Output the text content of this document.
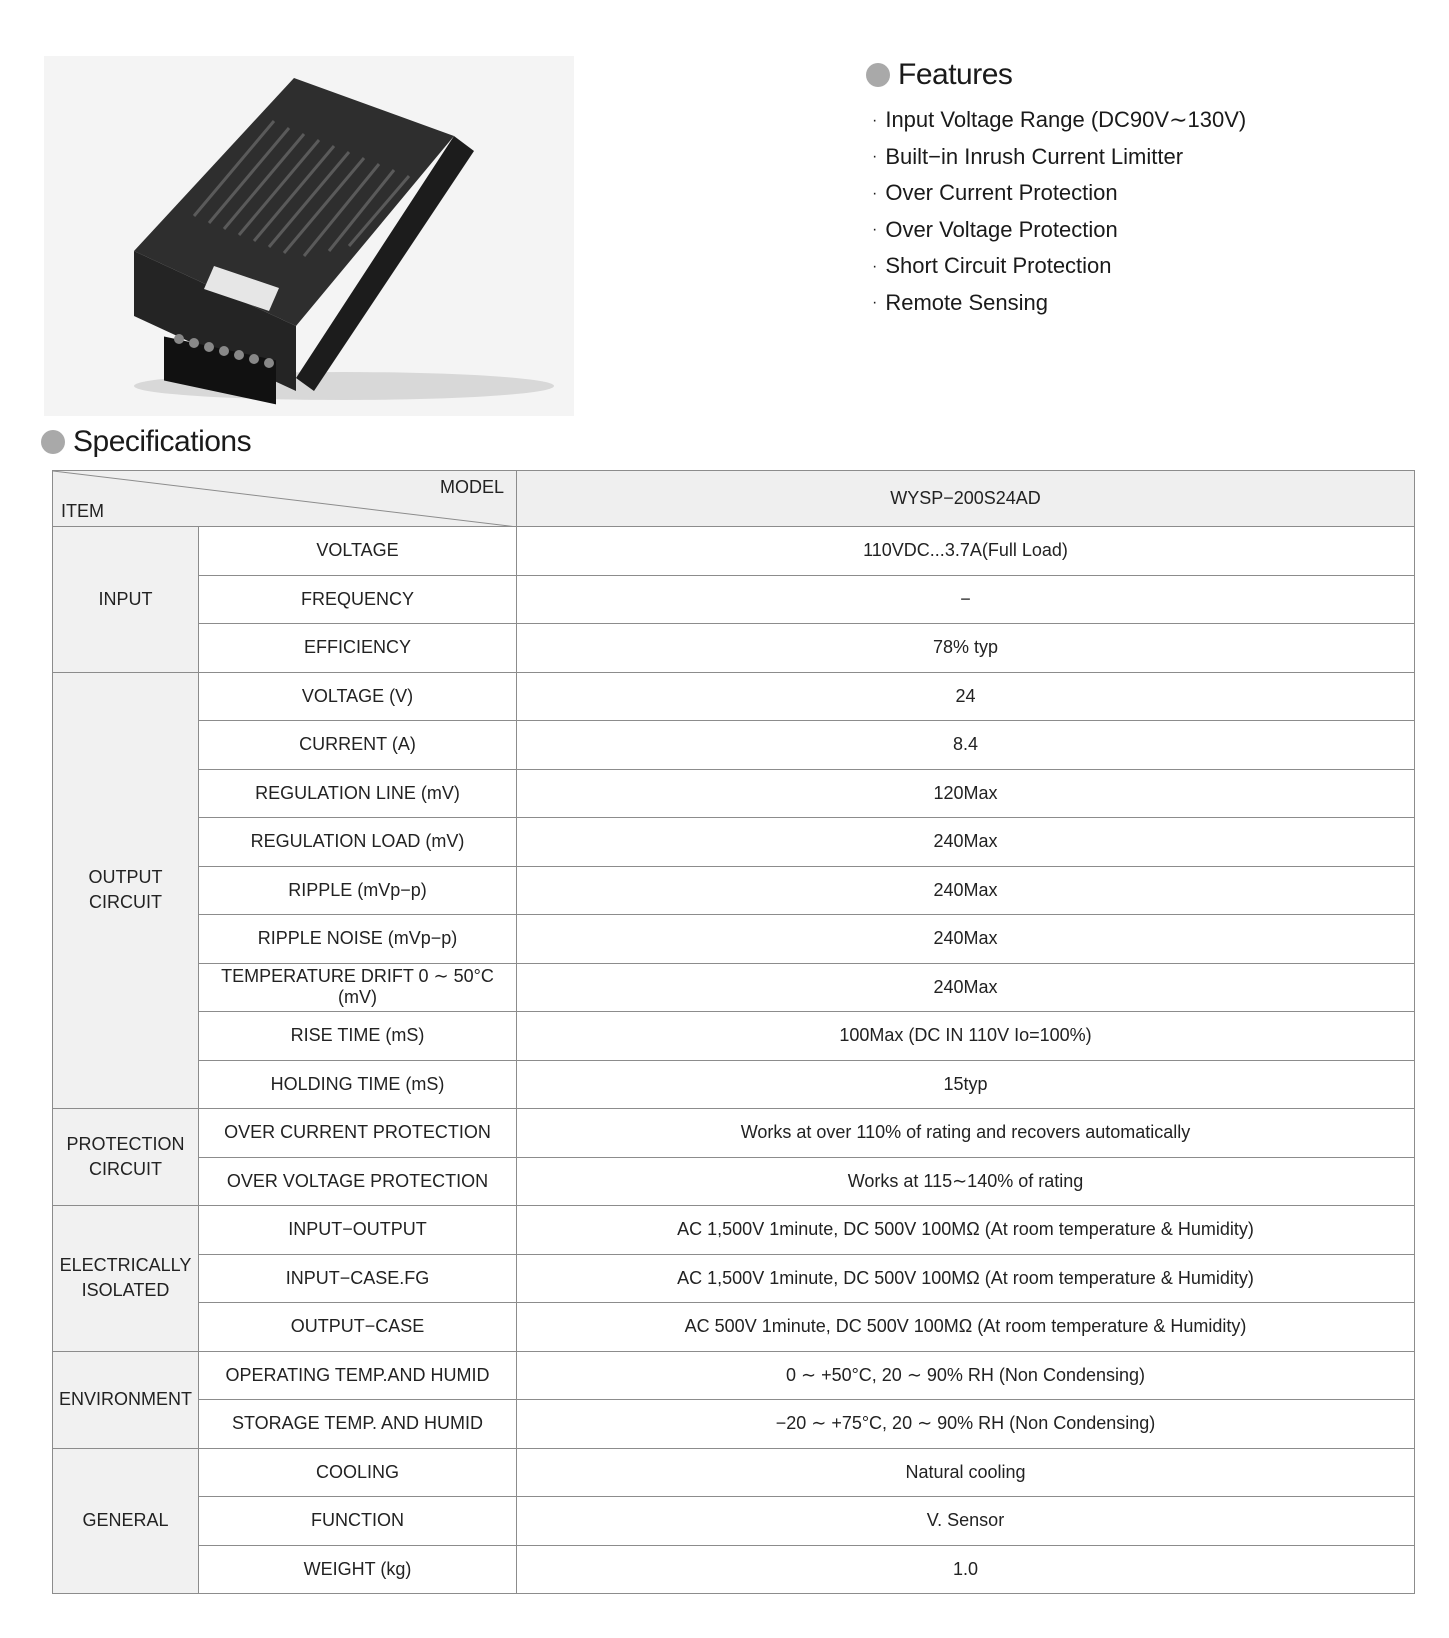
Features
· Input Voltage Range (DC90V∼130V)
· Built−in Inrush Current Limitter
· Over Current Protection
· Over Voltage Protection
· Short Circuit Protection
· Remote Sensing
Specifications
MODEL
ITEM		WYSP−200S24AD
INPUT	VOLTAGE	110VDC...3.7A(Full Load)
	FREQUENCY	−
	EFFICIENCY	78% typ
OUTPUT
CIRCUIT	VOLTAGE (V)	24
	CURRENT (A)	8.4
	REGULATION LINE (mV)	120Max
	REGULATION LOAD (mV)	240Max
	RIPPLE (mVp−p)	240Max
	RIPPLE NOISE (mVp−p)	240Max
	TEMPERATURE DRIFT 0 ∼ 50°C (mV)	240Max
	RISE TIME (mS)	100Max (DC IN 110V Io=100%)
	HOLDING TIME (mS)	15typ
PROTECTION
CIRCUIT	OVER CURRENT PROTECTION	Works at over 110% of rating and recovers automatically
	OVER VOLTAGE PROTECTION	Works at 115∼140% of rating
ELECTRICALLY
ISOLATED	INPUT−OUTPUT	AC 1,500V 1minute, DC 500V 100MΩ (At room temperature & Humidity)
	INPUT−CASE.FG	AC 1,500V 1minute, DC 500V 100MΩ (At room temperature & Humidity)
	OUTPUT−CASE	AC 500V 1minute, DC 500V 100MΩ (At room temperature & Humidity)
ENVIRONMENT	OPERATING TEMP.AND HUMID	0 ∼ +50°C, 20 ∼ 90% RH (Non Condensing)
	STORAGE TEMP. AND HUMID	−20 ∼ +75°C, 20 ∼ 90% RH (Non Condensing)
GENERAL	COOLING	Natural cooling
	FUNCTION	V. Sensor
	WEIGHT (kg)	1.0
